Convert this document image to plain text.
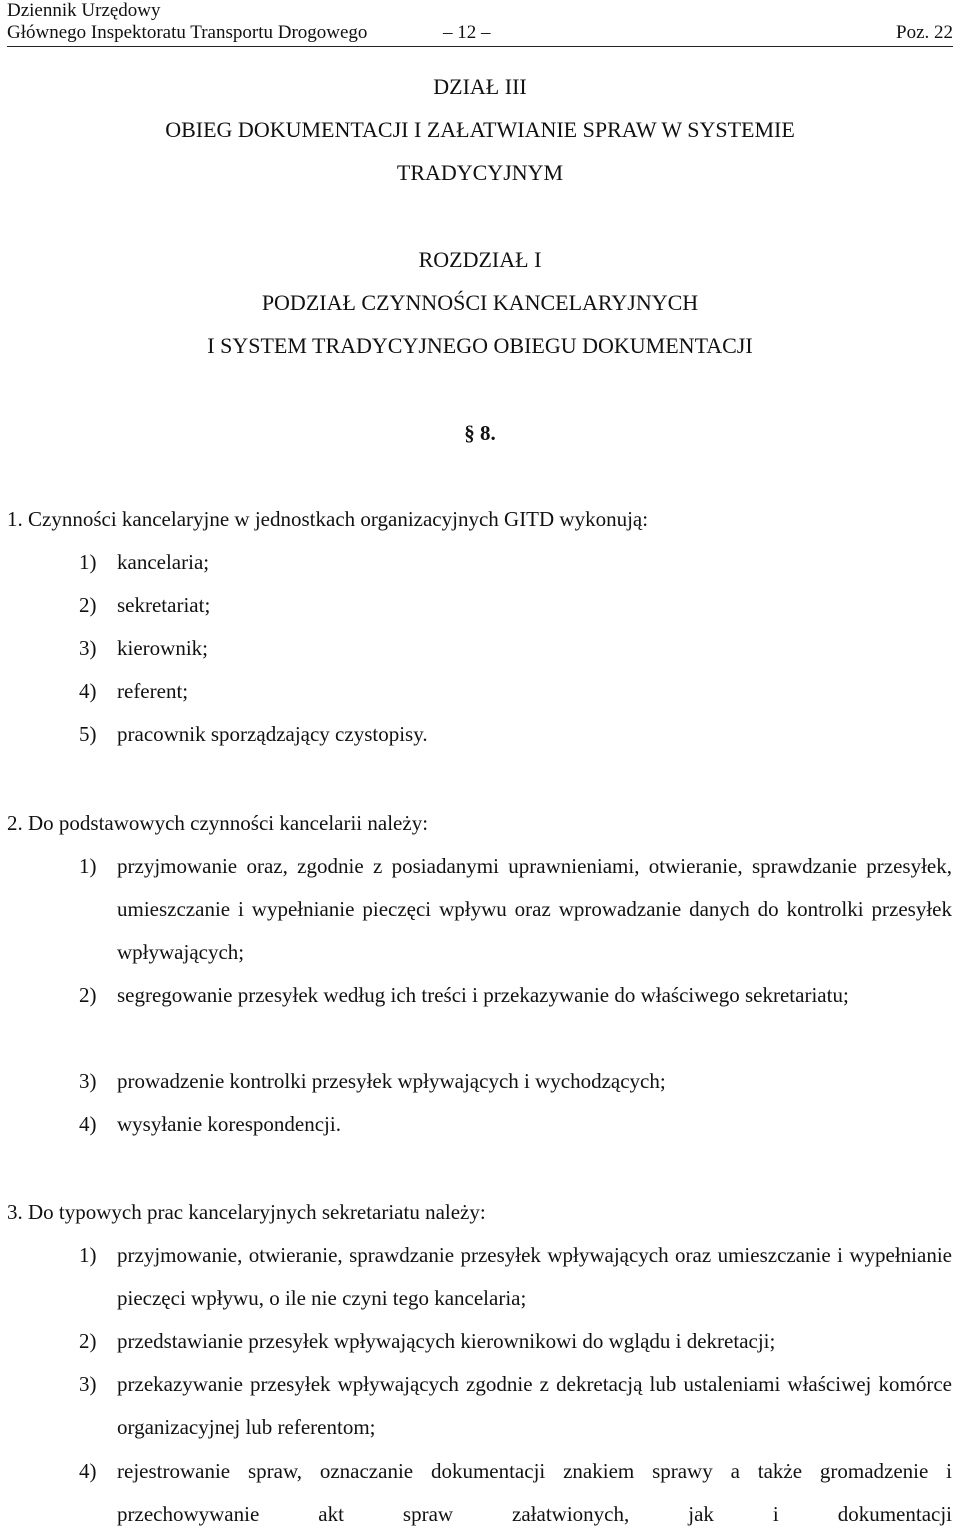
Dziennik Urzędowy
Głównego Inspektoratu Transportu Drogowego	– 12 –	Poz. 22
DZIAŁ III
OBIEG DOKUMENTACJI I ZAŁATWIANIE SPRAW W SYSTEMIE
TRADYCYJNYM
ROZDZIAŁ I
PODZIAŁ CZYNNOŚCI KANCELARYJNYCH
I SYSTEM TRADYCYJNEGO OBIEGU DOKUMENTACJI
§ 8.
1. Czynności kancelaryjne w jednostkach organizacyjnych GITD wykonują:
1) kancelaria;
2) sekretariat;
3) kierownik;
4) referent;
5) pracownik sporządzający czystopisy.
2. Do podstawowych czynności kancelarii należy:
1) przyjmowanie oraz, zgodnie z posiadanymi uprawnieniami, otwieranie, sprawdzanie przesyłek, umieszczanie i wypełnianie pieczęci wpływu oraz wprowadzanie danych do kontrolki przesyłek wpływających;
2) segregowanie przesyłek według ich treści i przekazywanie do właściwego sekretariatu;
3) prowadzenie kontrolki przesyłek wpływających i wychodzących;
4) wysyłanie korespondencji.
3. Do typowych prac kancelaryjnych sekretariatu należy:
1) przyjmowanie, otwieranie, sprawdzanie przesyłek wpływających oraz umieszczanie i wypełnianie pieczęci wpływu, o ile nie czyni tego kancelaria;
2) przedstawianie przesyłek wpływających kierownikowi do wglądu i dekretacji;
3) przekazywanie przesyłek wpływających zgodnie z dekretacją lub ustaleniami właściwej komórce organizacyjnej lub referentom;
4) rejestrowanie spraw, oznaczanie dokumentacji znakiem sprawy a także gromadzenie i przechowywanie akt spraw załatwionych, jak i dokumentacji
